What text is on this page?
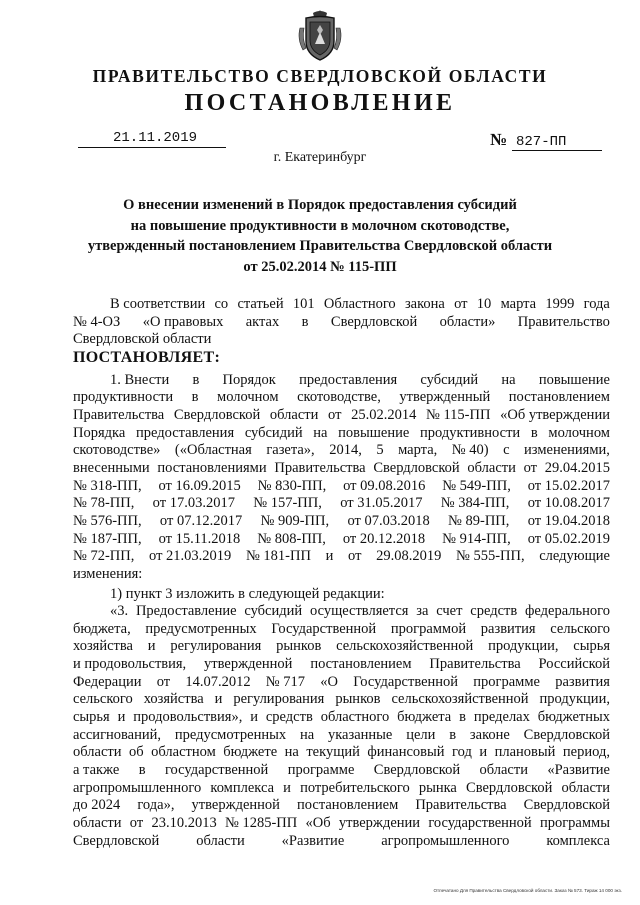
ПРАВИТЕЛЬСТВО СВЕРДЛОВСКОЙ ОБЛАСТИ
ПОСТАНОВЛЕНИЕ
21.11.2019	№ 827-ПП
г. Екатеринбург
О внесении изменений в Порядок предоставления субсидий
на повышение продуктивности в молочном скотоводстве,
утвержденный постановлением Правительства Свердловской области
от 25.02.2014 № 115-ПП
В соответствии со статьей 101 Областного закона от 10 марта 1999 года
№ 4-ОЗ «О правовых актах в Свердловской области» Правительство
Свердловской области
ПОСТАНОВЛЯЕТ:
1. Внести в Порядок предоставления субсидий на повышение
продуктивности в молочном скотоводстве, утвержденный постановлением
Правительства Свердловской области от 25.02.2014 № 115-ПП «Об утверждении
Порядка предоставления субсидий на повышение продуктивности в молочном
скотоводстве» («Областная газета», 2014, 5 марта, № 40) с изменениями,
внесенными постановлениями Правительства Свердловской области от 29.04.2015
№ 318-ПП, от 16.09.2015 № 830-ПП, от 09.08.2016 № 549-ПП, от 15.02.2017
№ 78-ПП, от 17.03.2017 № 157-ПП, от 31.05.2017 № 384-ПП, от 10.08.2017
№ 576-ПП, от 07.12.2017 № 909-ПП, от 07.03.2018 № 89-ПП, от 19.04.2018
№ 187-ПП, от 15.11.2018 № 808-ПП, от 20.12.2018 № 914-ПП, от 05.02.2019
№ 72-ПП, от 21.03.2019 № 181-ПП и от 29.08.2019 № 555-ПП, следующие
изменения:
1) пункт 3 изложить в следующей редакции:
«3. Предоставление субсидий осуществляется за счет средств федерального
бюджета, предусмотренных Государственной программой развития сельского
хозяйства и регулирования рынков сельскохозяйственной продукции, сырья
и продовольствия, утвержденной постановлением Правительства Российской
Федерации от 14.07.2012 № 717 «О Государственной программе развития
сельского хозяйства и регулирования рынков сельскохозяйственной продукции,
сырья и продовольствия», и средств областного бюджета в пределах бюджетных
ассигнований, предусмотренных на указанные цели в законе Свердловской
области об областном бюджете на текущий финансовый год и плановый период,
а также в государственной программе Свердловской области «Развитие
агропромышленного комплекса и потребительского рынка Свердловской области
до 2024 года», утвержденной постановлением Правительства Свердловской
области от 23.10.2013 № 1285-ПП «Об утверждении государственной программы
Свердловской	области	«Развитие	агропромышленного	комплекса
Отпечатано Для Правительства Свердловской области. Заказ № 573. Тираж 14 000 экз.
